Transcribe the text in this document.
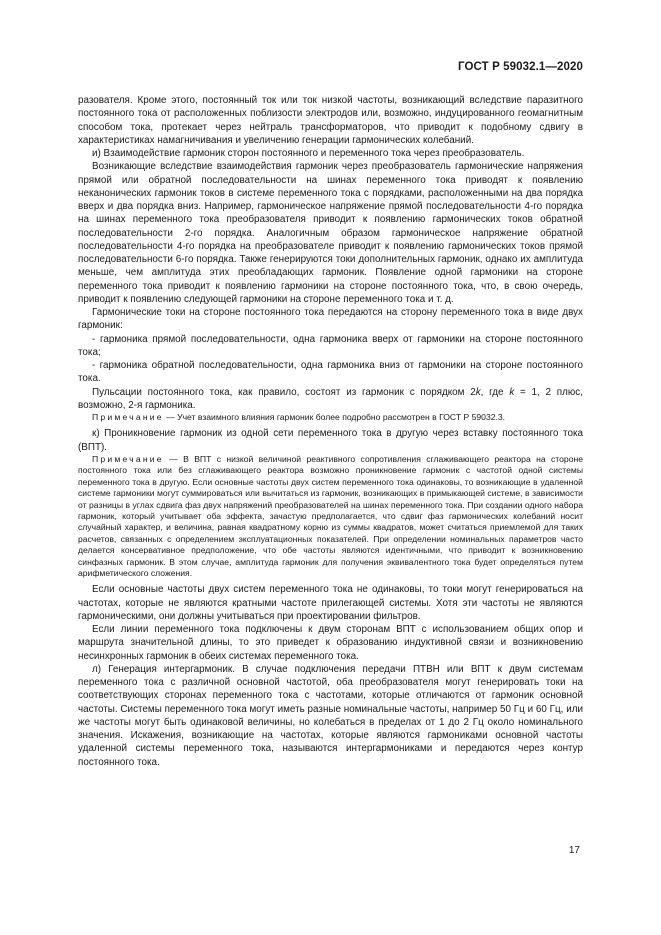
ГОСТ Р 59032.1—2020

разователя. Кроме этого, постоянный ток или ток низкой частоты, возникающий вследствие паразитного постоянного тока от расположенных поблизости электродов или, возможно, индуцированного геомагнитным способом тока, протекает через нейтраль трансформаторов, что приводит к подобному сдвигу в характеристиках намагничивания и увеличению генерации гармонических колебаний.

и) Взаимодействие гармоник сторон постоянного и переменного тока через преобразователь.

Возникающие вследствие взаимодействия гармоник через преобразователь гармонические напряжения прямой или обратной последовательности на шинах переменного тока приводят к появлению неканонических гармоник токов в системе переменного тока с порядками, расположенными на два порядка вверх и два порядка вниз. Например, гармоническое напряжение прямой последовательности 4-го порядка на шинах переменного тока преобразователя приводит к появлению гармонических токов обратной последовательности 2-го порядка. Аналогичным образом гармоническое напряжение обратной последовательности 4-го порядка на преобразователе приводит к появлению гармонических токов прямой последовательности 6-го порядка. Также генерируются токи дополнительных гармоник, однако их амплитуда меньше, чем амплитуда этих преобладающих гармоник. Появление одной гармоники на стороне переменного тока приводит к появлению гармоники на стороне постоянного тока, что, в свою очередь, приводит к появлению следующей гармоники на стороне переменного тока и т. д.

Гармонические токи на стороне постоянного тока передаются на сторону переменного тока в виде двух гармоник:

- гармоника прямой последовательности, одна гармоника вверх от гармоники на стороне постоянного тока;

- гармоника обратной последовательности, одна гармоника вниз от гармоники на стороне постоянного тока.

Пульсации постоянного тока, как правило, состоят из гармоник с порядком 2k, где k = 1, 2 плюс, возможно, 2-я гармоника.

Примечание — Учет взаимного влияния гармоник более подробно рассмотрен в ГОСТ Р 59032.3.

к) Проникновение гармоник из одной сети переменного тока в другую через вставку постоянного тока (ВПТ).

Примечание — В ВПТ с низкой величиной реактивного сопротивления сглаживающего реактора на стороне постоянного тока или без сглаживающего реактора возможно проникновение гармоник с частотой одной системы переменного тока в другую. Если основные частоты двух систем переменного тока одинаковы, то возникающие в удаленной системе гармоники могут суммироваться или вычитаться из гармоник, возникающих в примыкающей системе, в зависимости от разницы в углах сдвига фаз двух напряжений преобразователей на шинах переменного тока. При создании одного набора гармоник, который учитывает оба эффекта, зачастую предполагается, что сдвиг фаз гармонических колебаний носит случайный характер, и величина, равная квадратному корню из суммы квадратов, может считаться приемлемой для таких расчетов, связанных с определением эксплуатационных показателей. При определении номинальных параметров часто делается консервативное предположение, что обе частоты являются идентичными, что приводит к возникновению синфазных гармоник. В этом случае, амплитуда гармоник для получения эквивалентного тока будет определяться путем арифметического сложения.

Если основные частоты двух систем переменного тока не одинаковы, то токи могут генерироваться на частотах, которые не являются кратными частоте прилегающей системы. Хотя эти частоты не являются гармоническими, они должны учитываться при проектировании фильтров.

Если линии переменного тока подключены к двум сторонам ВПТ с использованием общих опор и маршрута значительной длины, то это приведет к образованию индуктивной связи и возникновению несинхронных гармоник в обеих системах переменного тока.

л) Генерация интергармоник. В случае подключения передачи ПТВН или ВПТ к двум системам переменного тока с различной основной частотой, оба преобразователя могут генерировать токи на соответствующих сторонах переменного тока с частотами, которые отличаются от гармоник основной частоты. Системы переменного тока могут иметь разные номинальные частоты, например 50 Гц и 60 Гц, или же частоты могут быть одинаковой величины, но колебаться в пределах от 1 до 2 Гц около номинального значения. Искажения, возникающие на частотах, которые являются гармониками основной частоты удаленной системы переменного тока, называются интергармониками и передаются через контур постоянного тока.

17
